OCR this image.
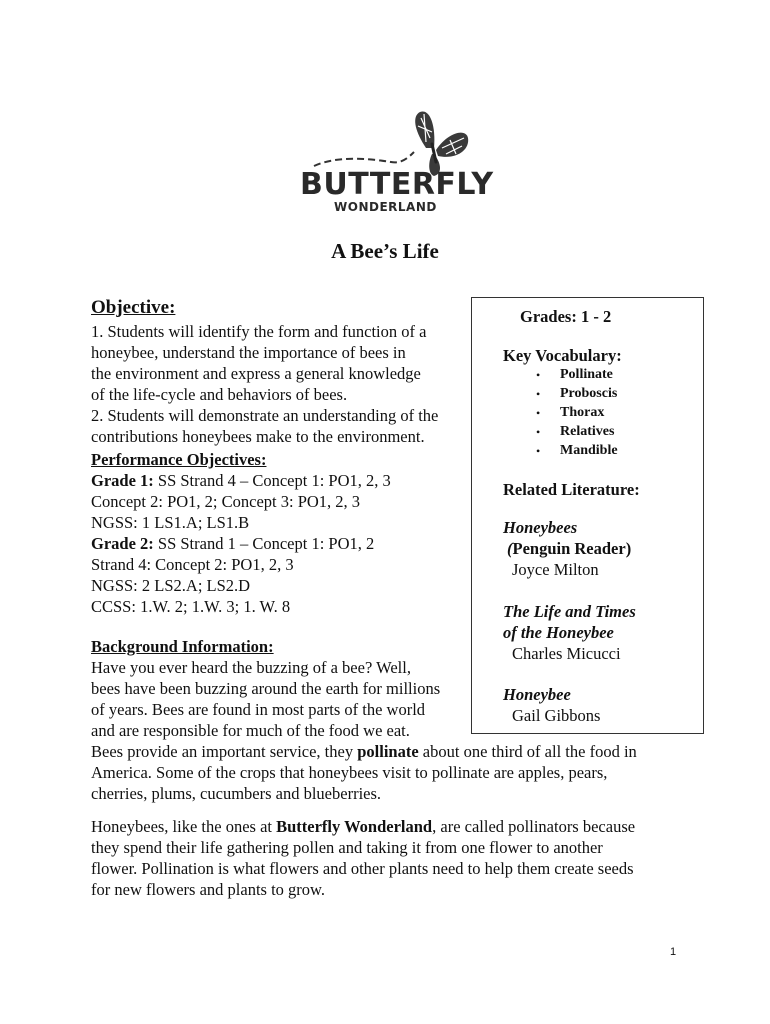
BUTTERFLY
WONDERLAND
A Bee’s Life
Objective:
1. Students will identify the form and function of a
honeybee, understand the importance of bees in
the environment and express a general knowledge
of the life-cycle and behaviors of bees.
2. Students will demonstrate an understanding of the
contributions honeybees make to the environment.
Performance Objectives:
Grade 1: SS Strand 4 – Concept 1: PO1, 2, 3
Concept 2: PO1, 2; Concept 3: PO1, 2, 3
NGSS: 1 LS1.A; LS1.B
Grade 2: SS Strand 1 – Concept 1: PO1, 2
Strand 4: Concept 2: PO1, 2, 3
NGSS: 2 LS2.A; LS2.D
CCSS: 1.W. 2; 1.W. 3; 1. W. 8
Background Information:
Have you ever heard the buzzing of a bee? Well,
bees have been buzzing around the earth for millions
of years. Bees are found in most parts of the world
and are responsible for much of the food we eat.
Bees provide an important service, they pollinate about one third of all the food in
America. Some of the crops that honeybees visit to pollinate are apples, pears,
cherries, plums, cucumbers and blueberries.
Honeybees, like the ones at Butterfly Wonderland, are called pollinators because
they spend their life gathering pollen and taking it from one flower to another
flower. Pollination is what flowers and other plants need to help them create seeds
for new flowers and plants to grow.
Grades: 1 - 2
Key Vocabulary:
• Pollinate
• Proboscis
• Thorax
• Relatives
• Mandible
Related Literature:
Honeybees
(Penguin Reader)
Joyce Milton
The Life and Times
of the Honeybee
Charles Micucci
Honeybee
Gail Gibbons
1
